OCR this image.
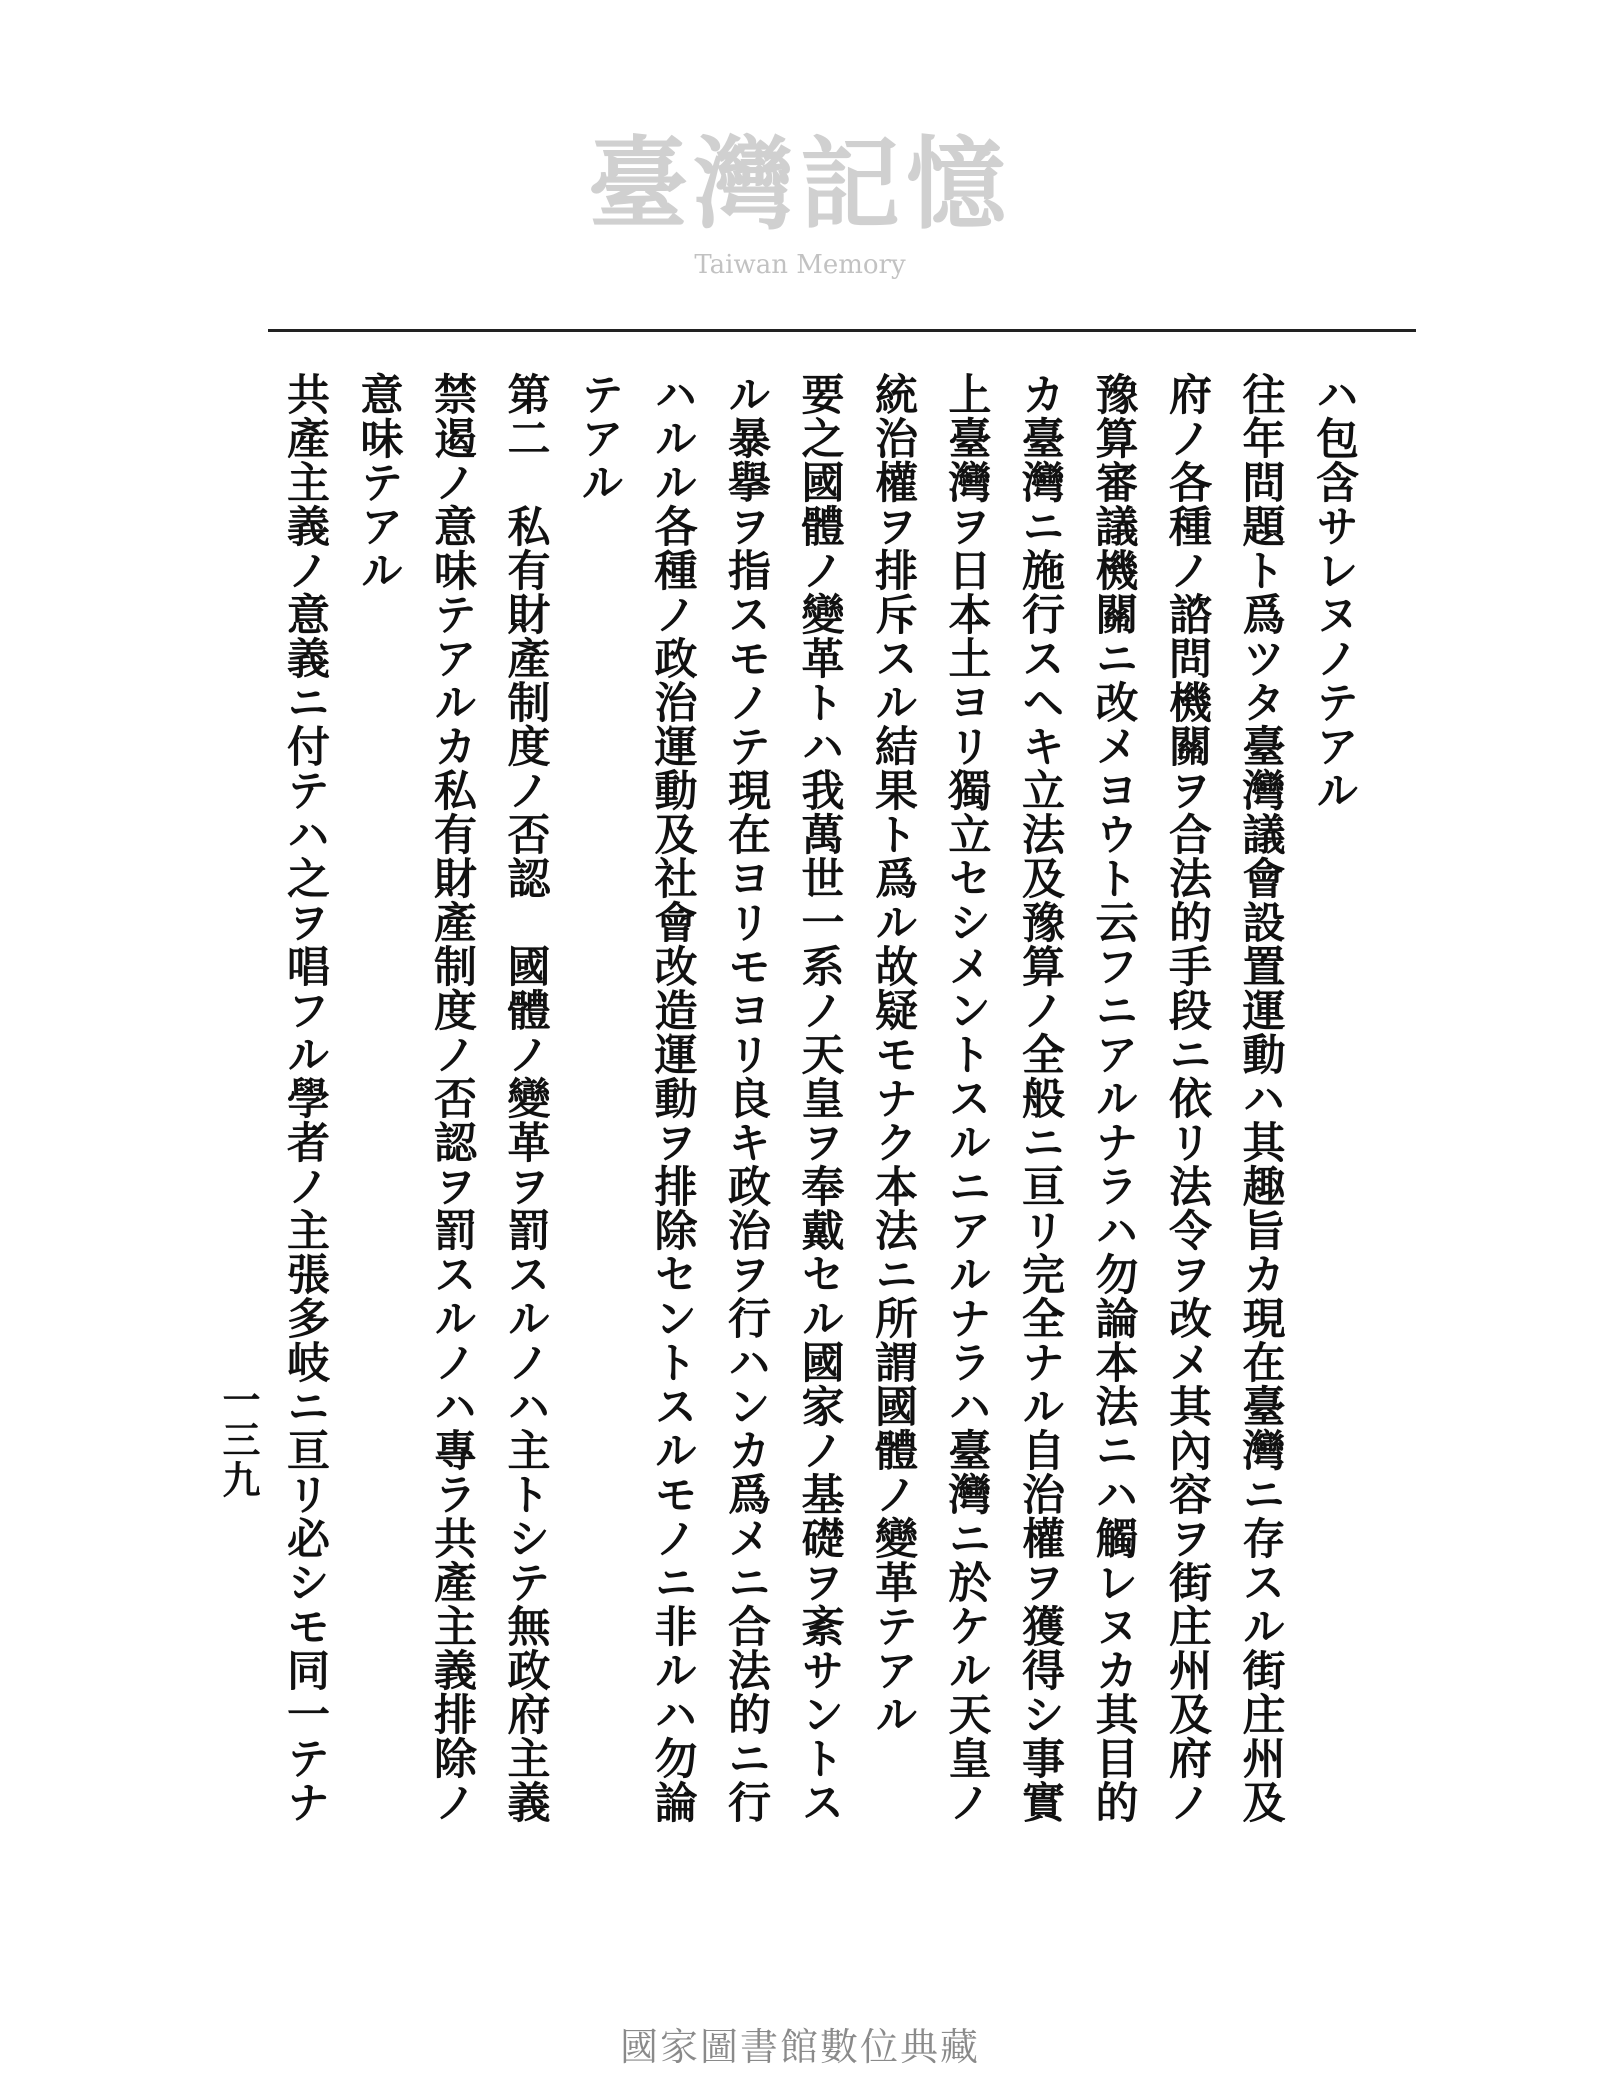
ハ包含サレヌノテアル
往年問題ト爲ツタ臺灣議會設置運動ハ其趣旨カ現在臺灣ニ存スル街庄州及
府ノ各種ノ諮問機關ヲ合法的手段ニ依リ法令ヲ改メ其內容ヲ街庄州及府ノ
豫算審議機關ニ改メヨウト云フニアルナラハ勿論本法ニハ觸レヌカ其目的
カ臺灣ニ施行スヘキ立法及豫算ノ全般ニ亘リ完全ナル自治權ヲ獲得シ事實
上臺灣ヲ日本土ヨリ獨立セシメントスルニアルナラハ臺灣ニ於ケル天皇ノ
統治權ヲ排斥スル結果ト爲ル故疑モナク本法ニ所謂國體ノ變革テアル
要之國體ノ變革トハ我萬世一系ノ天皇ヲ奉戴セル國家ノ基礎ヲ紊サントス
ル暴擧ヲ指スモノテ現在ヨリモヨリ良キ政治ヲ行ハンカ爲メニ合法的ニ行
ハルル各種ノ政治運動及社會改造運動ヲ排除セントスルモノニ非ルハ勿論
テアル
第二　私有財產制度ノ否認　國體ノ變革ヲ罰スルノハ主トシテ無政府主義
禁遏ノ意味テアルカ私有財產制度ノ否認ヲ罰スルノハ專ラ共產主義排除ノ
意味テアル
共產主義ノ意義ニ付テハ之ヲ唱フル學者ノ主張多岐ニ亘リ必シモ同一テナ
臺灣記憶
Taiwan Memory
一三九
國家圖書館數位典藏
